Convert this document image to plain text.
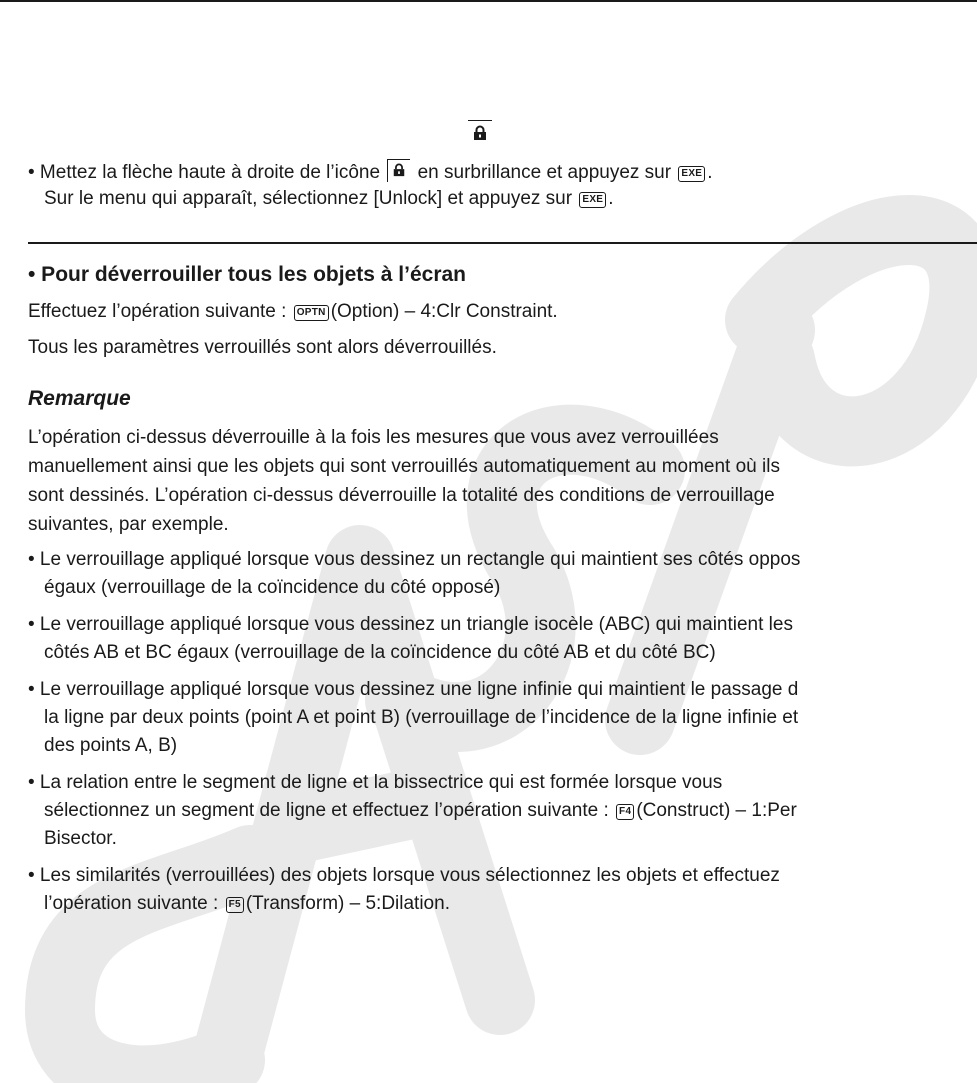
• Mettez la flèche haute à droite de l’icône en surbrillance et appuyez sur EXE .
Sur le menu qui apparaît, sélectionnez [Unlock] et appuyez sur EXE .
• Pour déverrouiller tous les objets à l’écran
Effectuez l’opération suivante : OPTN (Option) – 4:Clr Constraint.
Tous les paramètres verrouillés sont alors déverrouillés.
Remarque
L’opération ci-dessus déverrouille à la fois les mesures que vous avez verrouillées
manuellement ainsi que les objets qui sont verrouillés automatiquement au moment où ils
sont dessinés. L’opération ci-dessus déverrouille la totalité des conditions de verrouillage
suivantes, par exemple.
• Le verrouillage appliqué lorsque vous dessinez un rectangle qui maintient ses côtés oppos
égaux (verrouillage de la coïncidence du côté opposé)
• Le verrouillage appliqué lorsque vous dessinez un triangle isocèle (ABC) qui maintient les
côtés AB et BC égaux (verrouillage de la coïncidence du côté AB et du côté BC)
• Le verrouillage appliqué lorsque vous dessinez une ligne infinie qui maintient le passage d
la ligne par deux points (point A et point B) (verrouillage de l’incidence de la ligne infinie et
des points A, B)
• La relation entre le segment de ligne et la bissectrice qui est formée lorsque vous
sélectionnez un segment de ligne et effectuez l’opération suivante : F4 (Construct) – 1:Per
Bisector.
• Les similarités (verrouillées) des objets lorsque vous sélectionnez les objets et effectuez
l’opération suivante : F5 (Transform) – 5:Dilation.
